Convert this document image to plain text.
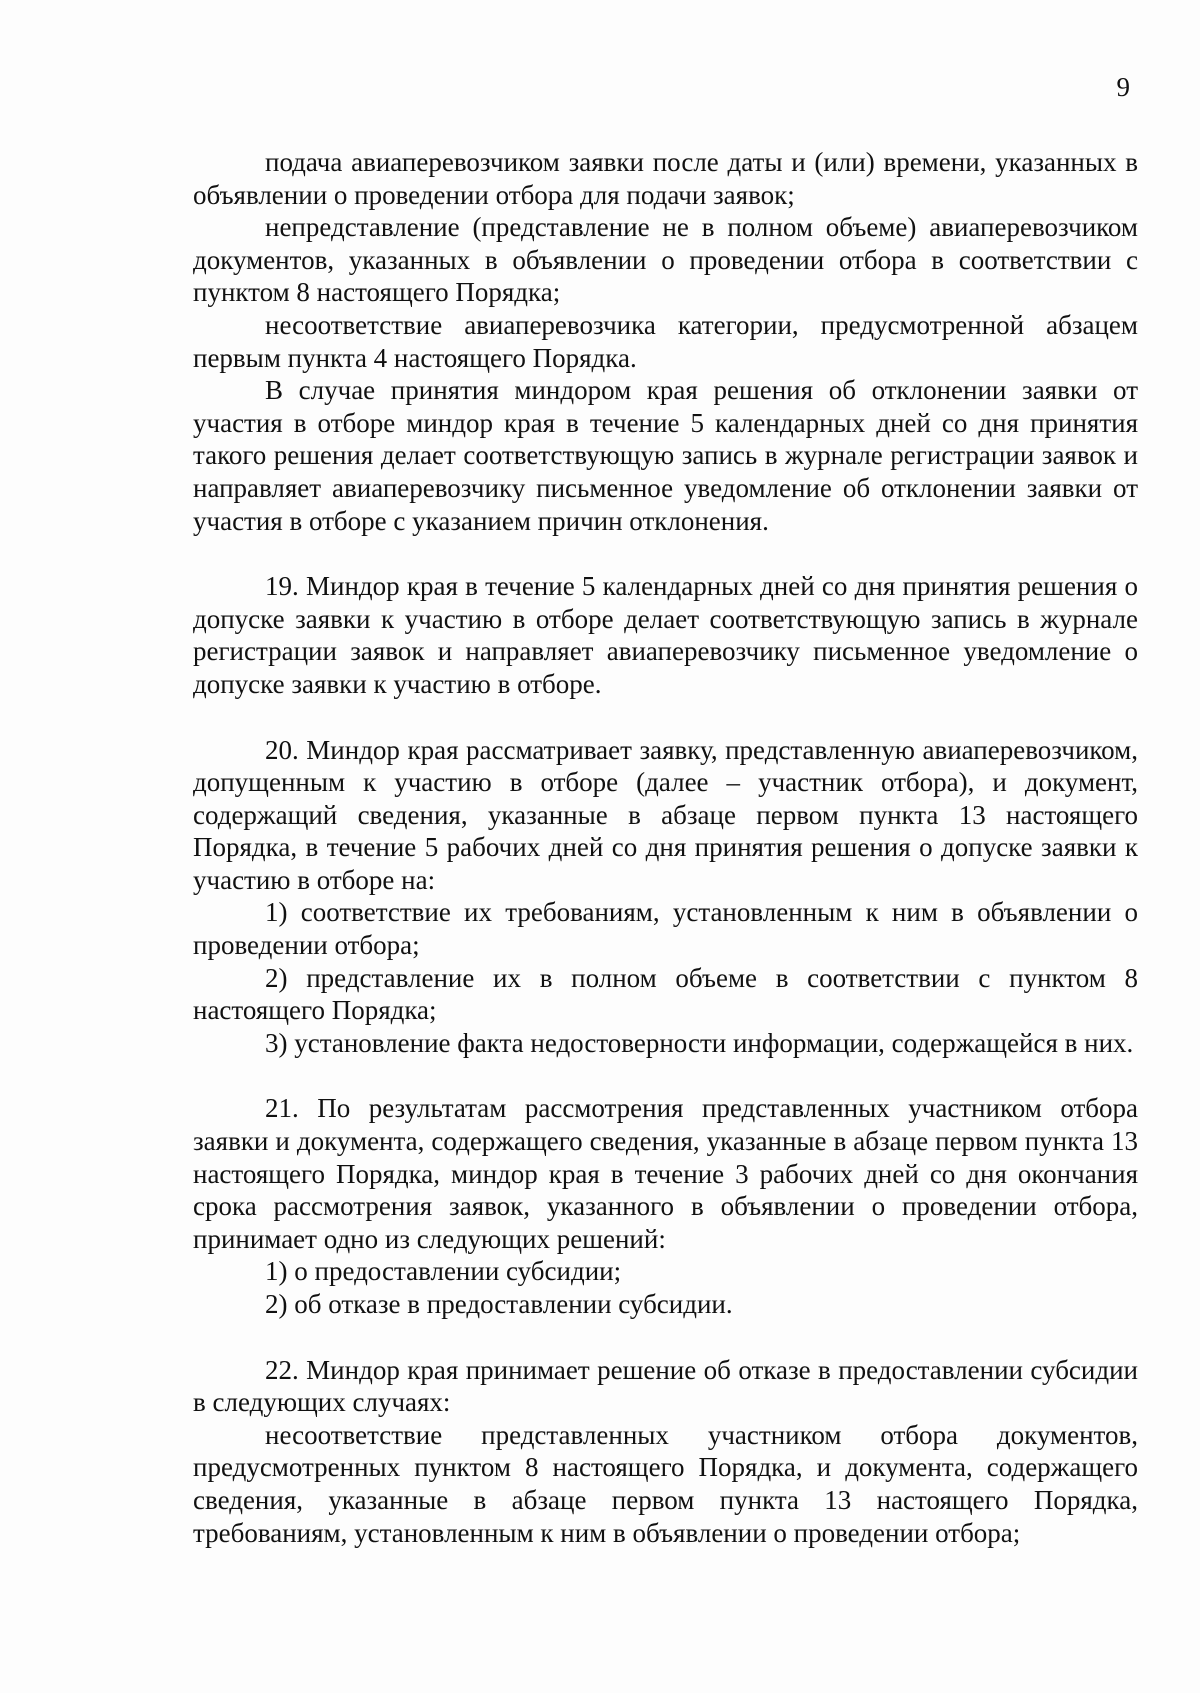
9

подача авиаперевозчиком заявки после даты и (или) времени, указанных в объявлении о проведении отбора для подачи заявок;

непредставление (представление не в полном объеме) авиаперевозчиком документов, указанных в объявлении о проведении отбора в соответствии с пунктом 8 настоящего Порядка;

несоответствие авиаперевозчика категории, предусмотренной абзацем первым пункта 4 настоящего Порядка.

В случае принятия миндором края решения об отклонении заявки от участия в отборе миндор края в течение 5 календарных дней со дня принятия такого решения делает соответствующую запись в журнале регистрации заявок и направляет авиаперевозчику письменное уведомление об отклонении заявки от участия в отборе с указанием причин отклонения.

19. Миндор края в течение 5 календарных дней со дня принятия решения о допуске заявки к участию в отборе делает соответствующую запись в журнале регистрации заявок и направляет авиаперевозчику письменное уведомление о допуске заявки к участию в отборе.

20. Миндор края рассматривает заявку, представленную авиаперевозчиком, допущенным к участию в отборе (далее – участник отбора), и документ, содержащий сведения, указанные в абзаце первом пункта 13 настоящего Порядка, в течение 5 рабочих дней со дня принятия решения о допуске заявки к участию в отборе на:

1) соответствие их требованиям, установленным к ним в объявлении о проведении отбора;

2) представление их в полном объеме в соответствии с пунктом 8 настоящего Порядка;

3) установление факта недостоверности информации, содержащейся в них.

21. По результатам рассмотрения представленных участником отбора заявки и документа, содержащего сведения, указанные в абзаце первом пункта 13 настоящего Порядка, миндор края в течение 3 рабочих дней со дня окончания срока рассмотрения заявок, указанного в объявлении о проведении отбора, принимает одно из следующих решений:

1) о предоставлении субсидии;

2) об отказе в предоставлении субсидии.

22. Миндор края принимает решение об отказе в предоставлении субсидии в следующих случаях:

несоответствие представленных участником отбора документов, предусмотренных пунктом 8 настоящего Порядка, и документа, содержащего сведения, указанные в абзаце первом пункта 13 настоящего Порядка, требованиям, установленным к ним в объявлении о проведении отбора;
